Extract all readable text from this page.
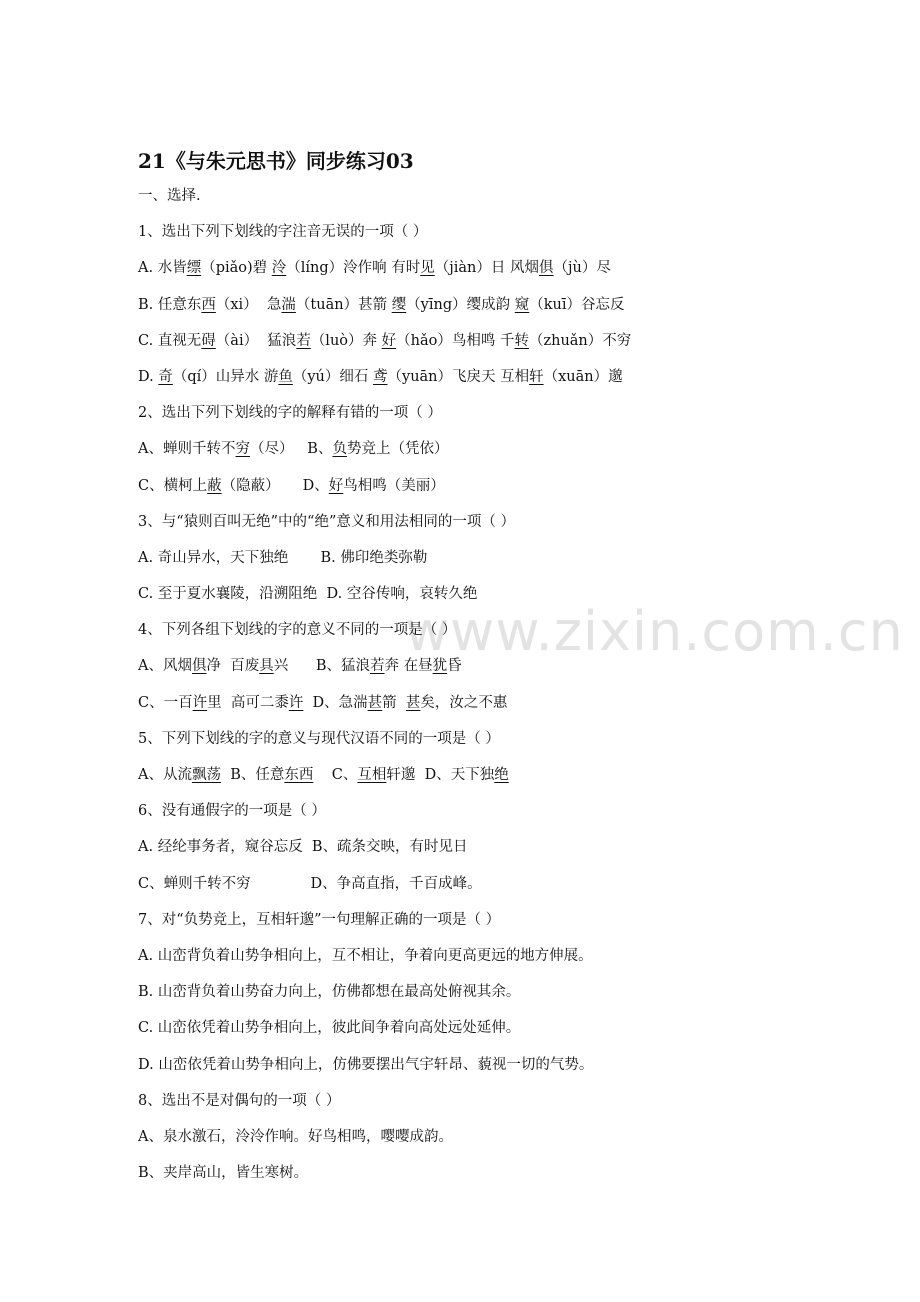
www.zixin.com.cn
21《与朱元思书》同步练习03
一、选择.
1、选出下列下划线的字注音无误的一项（ ）
A. 水皆缥（piǎo)碧 泠（líng）泠作响 有时见（jiàn）日 风烟俱（jù）尽
B. 任意东西（xi）  急湍（tuān）甚箭 缨（yīng）缨成韵 窥（kuī）谷忘反
C. 直视无碍（ài）  猛浪若（luò）奔 好（hǎo）鸟相鸣 千转（zhuǎn）不穷
D. 奇（qí）山异水 游鱼（yú）细石 鸢（yuān）飞戾天 互相轩（xuān）邈
2、选出下列下划线的字的解释有错的一项（ ）
A、蝉则千转不穷（尽）   B、负势竞上（凭依）
C、横柯上蔽（隐蔽）     D、好鸟相鸣（美丽）
3、与“猿则百叫无绝”中的“绝”意义和用法相同的一项（ ）
A. 奇山异水，天下独绝       B. 佛印绝类弥勒
C. 至于夏水襄陵，沿溯阻绝  D. 空谷传响，哀转久绝
4、下列各组下划线的字的意义不同的一项是（ ）
A、风烟俱净  百废具兴      B、猛浪若奔 在昼犹昏
C、一百许里  高可二黍许  D、急湍甚箭  甚矣，汝之不惠
5、下列下划线的字的意义与现代汉语不同的一项是（ ）
A、从流飘荡  B、任意东西    C、互相轩邈  D、天下独绝
6、没有通假字的一项是（ ）
A. 经纶事务者，窥谷忘反  B、疏条交映，有时见日
C、蝉则千转不穷             D、争高直指，千百成峰。
7、对“负势竞上，互相轩邈”一句理解正确的一项是（ ）
A. 山峦背负着山势争相向上，互不相让，争着向更高更远的地方伸展。
B. 山峦背负着山势奋力向上，仿佛都想在最高处俯视其余。
C. 山峦依凭着山势争相向上，彼此间争着向高处远处延伸。
D. 山峦依凭着山势争相向上，仿佛要摆出气宇轩昂、藐视一切的气势。
8、选出不是对偶句的一项（ ）
A、泉水激石，泠泠作响。好鸟相鸣，嘤嘤成韵。
B、夹岸高山，皆生寒树。
